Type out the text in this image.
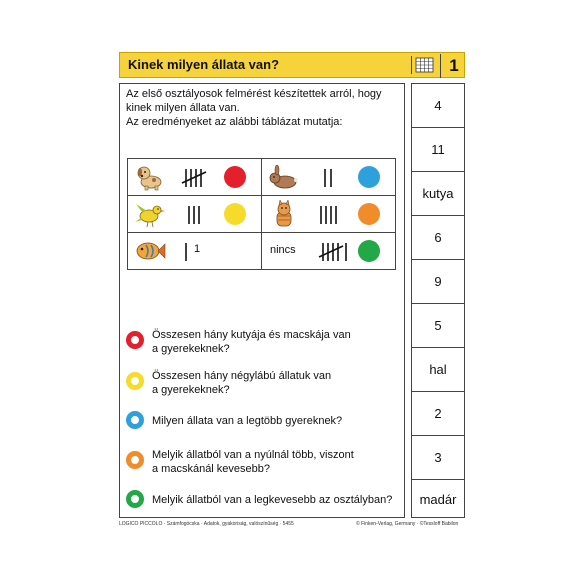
Kinek milyen állata van?	1
Az első osztályosok felmérést készítettek arról, hogy
kinek milyen állata van.
Az eredményeket az alábbi táblázat mutatja:

1	nincs
Összesen hány kutyája és macskája van
a gyerekeknek?
Összesen hány négylábú állatuk van
a gyerekeknek?
Milyen állata van a legtöbb gyereknek?
Melyik állatból van a nyúlnál több, viszont
a macskánál kevesebb?
Melyik állatból van a legkevesebb az osztályban?
4
11
kutya
6
9
5
hal
2
3
madár
LOGICO PICCOLO · Számfogócska · Adatok, gyakoriság, valószínűség · 5455	© Finken-Verlag, Germany · ©Tessloff Babilon
